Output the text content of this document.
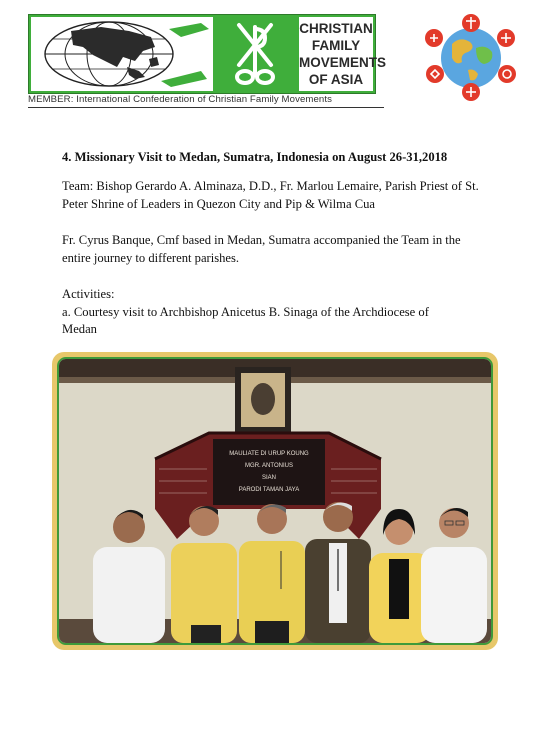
CHRISTIAN
FAMILY
MOVEMENTS
OF ASIA
MEMBER: International Confederation of Christian Family Movements
4. Missionary Visit to Medan, Sumatra, Indonesia on August 26-31,2018
Team: Bishop Gerardo A. Alminaza, D.D., Fr. Marlou Lemaire, Parish Priest of St. Peter Shrine of Leaders in Quezon City and Pip & Wilma Cua
Fr. Cyrus Banque, Cmf based in Medan, Sumatra accompanied the Team in the entire journey to different parishes.
Activities:
a. Courtesy visit to Archbishop Anicetus B. Sinaga of the Archdiocese of
Medan
MAULIATE DI URUP KOUNG
MGR. ANTONIUS
SIAN
PARODI TAMAN JAYA
